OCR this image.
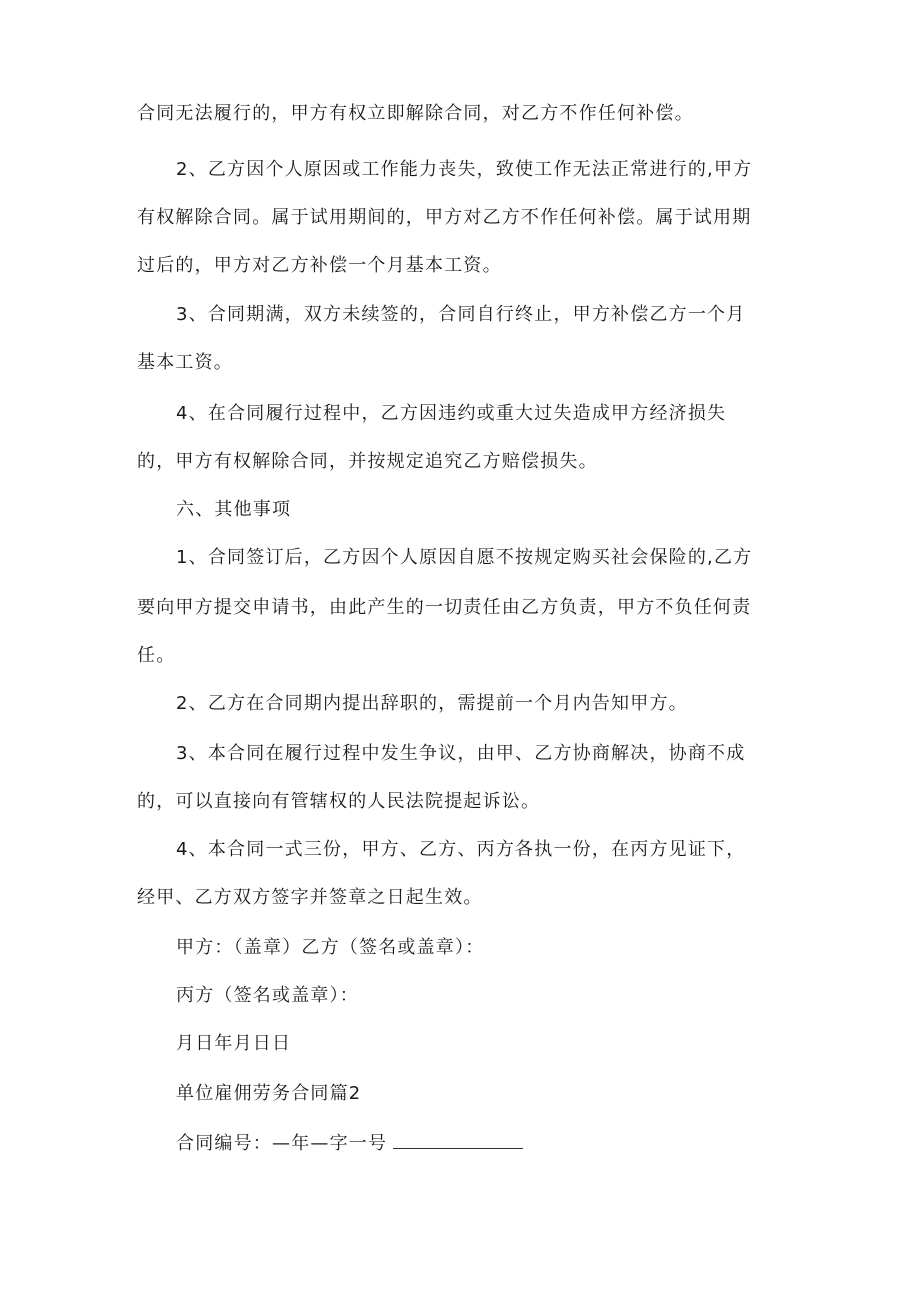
合同无法履行的，甲方有权立即解除合同，对乙方不作任何补偿。
2、乙方因个人原因或工作能力丧失，致使工作无法正常进行的,甲方
有权解除合同。属于试用期间的，甲方对乙方不作任何补偿。属于试用期
过后的，甲方对乙方补偿一个月基本工资。
3、合同期满，双方未续签的，合同自行终止，甲方补偿乙方一个月
基本工资。
4、在合同履行过程中，乙方因违约或重大过失造成甲方经济损失
的，甲方有权解除合同，并按规定追究乙方赔偿损失。
六、其他事项
1、合同签订后，乙方因个人原因自愿不按规定购买社会保险的,乙方
要向甲方提交申请书，由此产生的一切责任由乙方负责，甲方不负任何责
任。
2、乙方在合同期内提出辞职的，需提前一个月内告知甲方。
3、本合同在履行过程中发生争议，由甲、乙方协商解决，协商不成
的，可以直接向有管辖权的人民法院提起诉讼。
4、本合同一式三份，甲方、乙方、丙方各执一份，在丙方见证下，
经甲、乙方双方签字并签章之日起生效。
甲方：（盖章）乙方（签名或盖章）：
丙方（签名或盖章）：
月日年月日日
单位雇佣劳务合同篇2
合同编号：—年—字一号
